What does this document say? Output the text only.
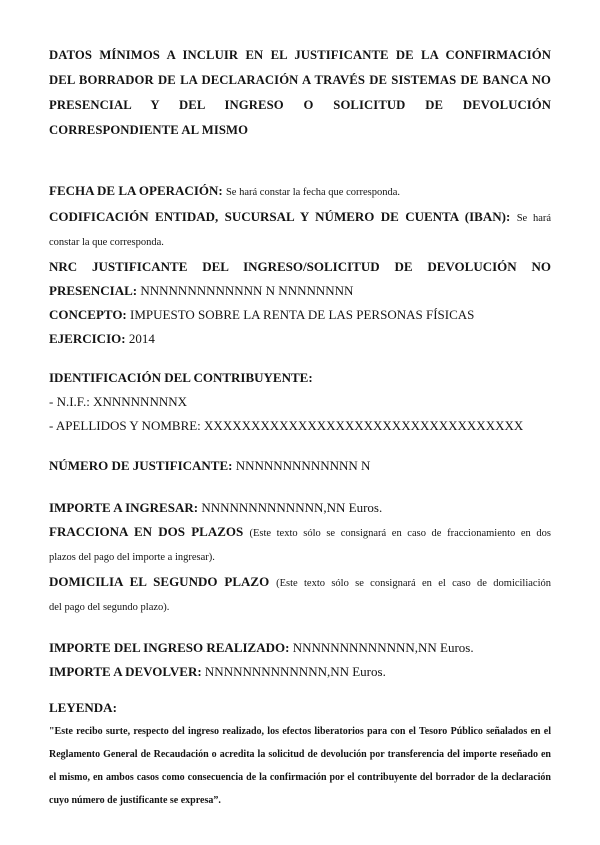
DATOS MÍNIMOS A INCLUIR EN EL JUSTIFICANTE DE LA CONFIRMACIÓN
DEL BORRADOR DE LA DECLARACIÓN A TRAVÉS DE SISTEMAS DE BANCA NO
PRESENCIAL Y DEL INGRESO O SOLICITUD DE DEVOLUCIÓN
CORRESPONDIENTE AL MISMO
FECHA DE LA OPERACIÓN: Se hará constar la fecha que corresponda.
CODIFICACIÓN ENTIDAD, SUCURSAL Y NÚMERO DE CUENTA (IBAN): Se hará
constar la que corresponda.
NRC JUSTIFICANTE DEL INGRESO/SOLICITUD DE DEVOLUCIÓN NO
PRESENCIAL: NNNNNNNNNNNNN N NNNNNNNN
CONCEPTO: IMPUESTO SOBRE LA RENTA DE LAS PERSONAS FÍSICAS
EJERCICIO: 2014
IDENTIFICACIÓN DEL CONTRIBUYENTE:
- N.I.F.: XNNNNNNNNX
- APELLIDOS Y NOMBRE: XXXXXXXXXXXXXXXXXXXXXXXXXXXXXXXXXX
NÚMERO DE JUSTIFICANTE: NNNNNNNNNNNNN N
IMPORTE A INGRESAR: NNNNNNNNNNNNN,NN Euros.
FRACCIONA EN DOS PLAZOS (Este texto sólo se consignará en caso de fraccionamiento en dos
plazos del pago del importe a ingresar).
DOMICILIA EL SEGUNDO PLAZO (Este texto sólo se consignará en el caso de domiciliación
del pago del segundo plazo).
IMPORTE DEL INGRESO REALIZADO: NNNNNNNNNNNNN,NN Euros.
IMPORTE A DEVOLVER: NNNNNNNNNNNNN,NN Euros.
LEYENDA:
"Este recibo surte, respecto del ingreso realizado, los efectos liberatorios para con el Tesoro Público señalados en el
Reglamento General de Recaudación o acredita la solicitud de devolución por transferencia del importe reseñado en
el mismo, en ambos casos como consecuencia de la confirmación por el contribuyente del borrador de la declaración
cuyo número de justificante se expresa”.
